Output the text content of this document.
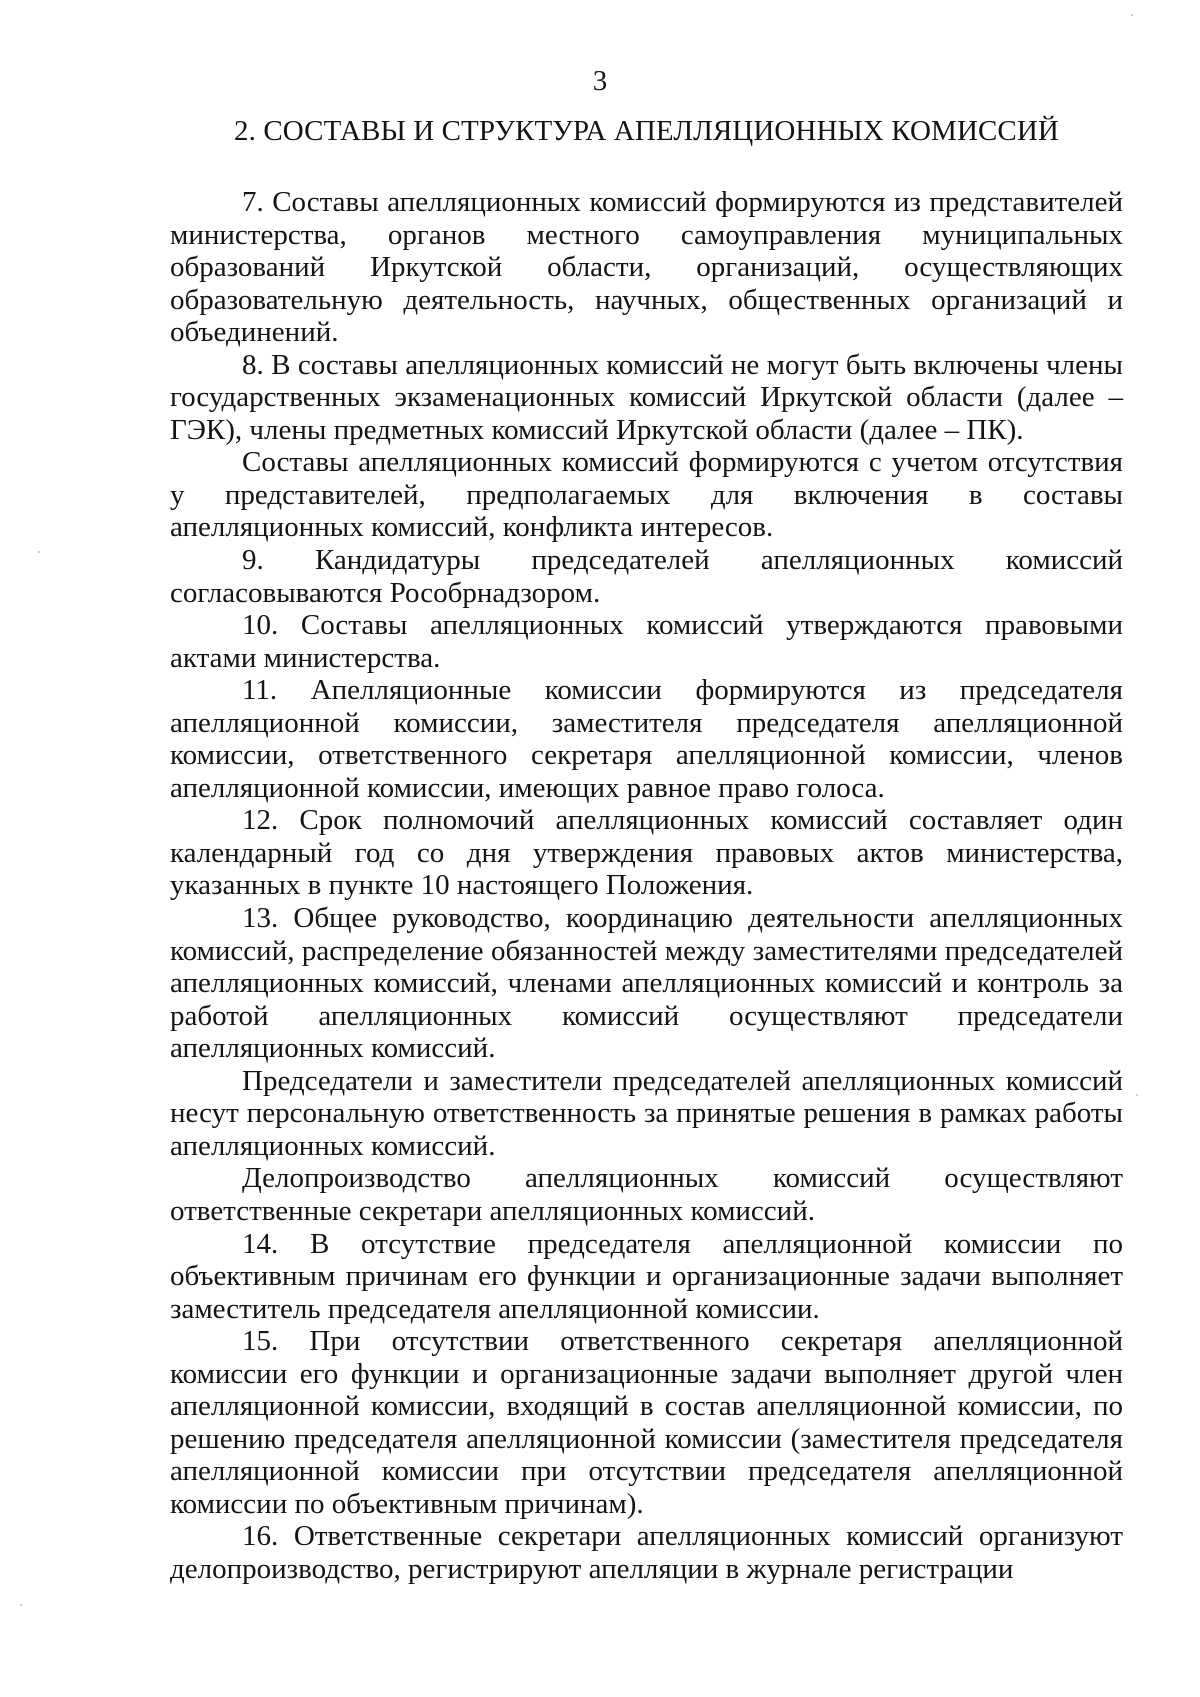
3
2. СОСТАВЫ И СТРУКТУРА АПЕЛЛЯЦИОННЫХ КОМИССИЙ

7. Составы апелляционных комиссий формируются из представителей министерства, органов местного самоуправления муниципальных образований Иркутской области, организаций, осуществляющих образовательную деятельность, научных, общественных организаций и объединений.

8. В составы апелляционных комиссий не могут быть включены члены государственных экзаменационных комиссий Иркутской области (далее – ГЭК), члены предметных комиссий Иркутской области (далее – ПК).

Составы апелляционных комиссий формируются с учетом отсутствия у представителей, предполагаемых для включения в составы апелляционных комиссий, конфликта интересов.

9. Кандидатуры председателей апелляционных комиссий согласовываются Рособрнадзором.

10. Составы апелляционных комиссий утверждаются правовыми актами министерства.

11. Апелляционные комиссии формируются из председателя апелляционной комиссии, заместителя председателя апелляционной комиссии, ответственного секретаря апелляционной комиссии, членов апелляционной комиссии, имеющих равное право голоса.

12. Срок полномочий апелляционных комиссий составляет один календарный год со дня утверждения правовых актов министерства, указанных в пункте 10 настоящего Положения.

13. Общее руководство, координацию деятельности апелляционных комиссий, распределение обязанностей между заместителями председателей апелляционных комиссий, членами апелляционных комиссий и контроль за работой апелляционных комиссий осуществляют председатели апелляционных комиссий.

Председатели и заместители председателей апелляционных комиссий несут персональную ответственность за принятые решения в рамках работы апелляционных комиссий.

Делопроизводство апелляционных комиссий осуществляют ответственные секретари апелляционных комиссий.

14. В отсутствие председателя апелляционной комиссии по объективным причинам его функции и организационные задачи выполняет заместитель председателя апелляционной комиссии.

15. При отсутствии ответственного секретаря апелляционной комиссии его функции и организационные задачи выполняет другой член апелляционной комиссии, входящий в состав апелляционной комиссии, по решению председателя апелляционной комиссии (заместителя председателя апелляционной комиссии при отсутствии председателя апелляционной комиссии по объективным причинам).

16. Ответственные секретари апелляционных комиссий организуют делопроизводство, регистрируют апелляции в журнале регистрации
